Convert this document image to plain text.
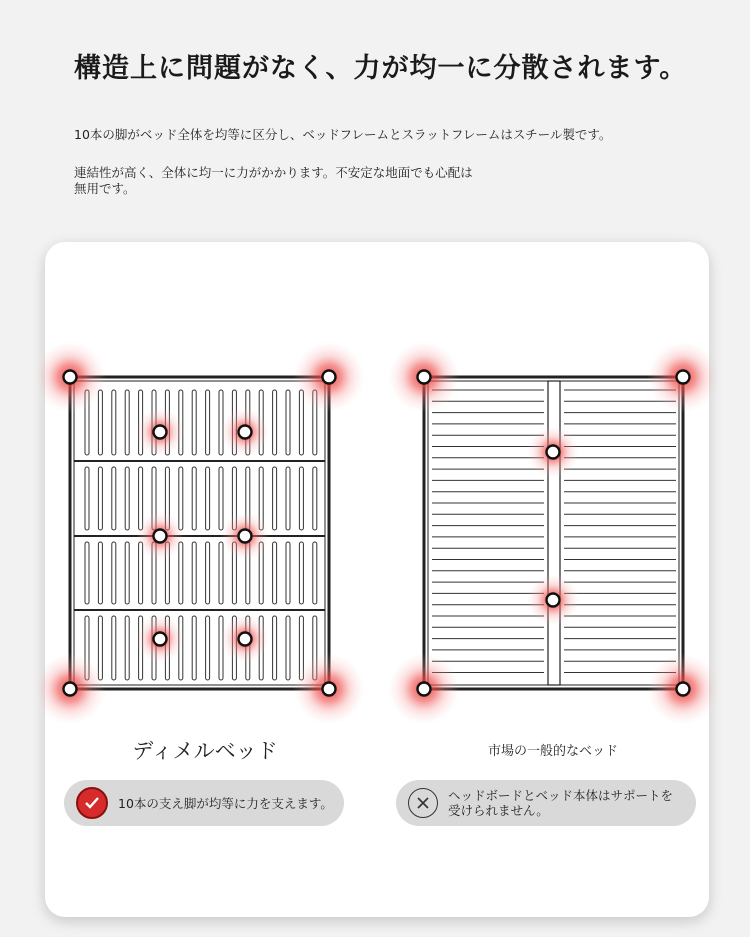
構造上に問題がなく、力が均一に分散されます。
10本の脚がベッド全体を均等に区分し、ベッドフレームとスラットフレームはスチール製です。
連結性が高く、全体に均一に力がかかります。不安定な地面でも心配は無用です。
ディメルベッド	市場の一般的なベッド
10本の支え脚が均等に力を支えます。	ヘッドボードとベッド本体はサポートを受けられません。
